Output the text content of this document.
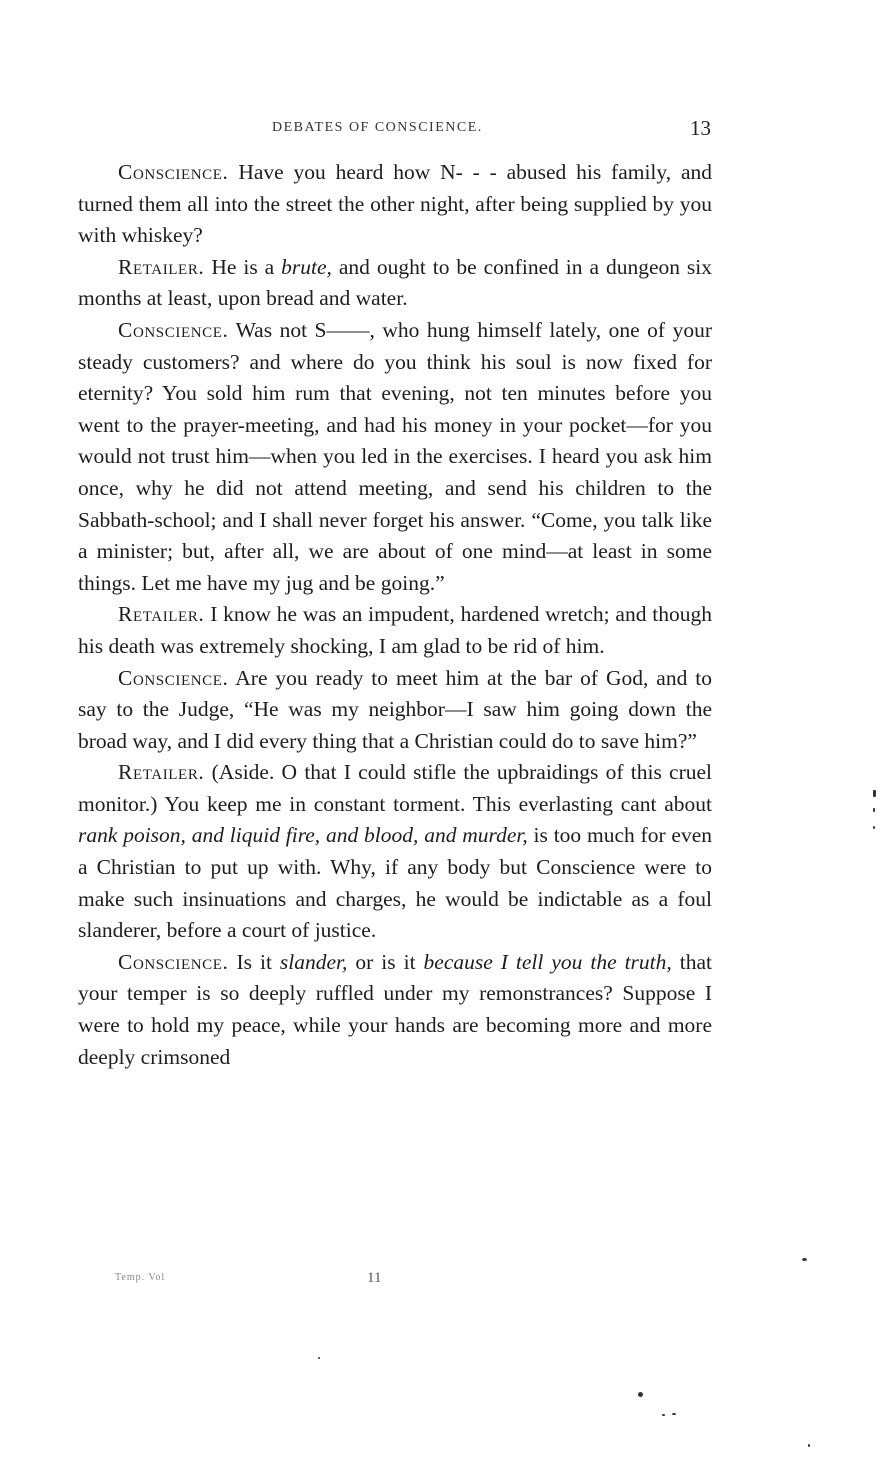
DEBATES OF CONSCIENCE.	13

Conscience. Have you heard how N- - - abused his family, and turned them all into the street the other night, after being supplied by you with whiskey?

Retailer. He is a brute, and ought to be confined in a dungeon six months at least, upon bread and water.

Conscience. Was not S——, who hung himself lately, one of your steady customers? and where do you think his soul is now fixed for eternity? You sold him rum that evening, not ten minutes before you went to the prayer-meeting, and had his money in your pocket—for you would not trust him—when you led in the exercises. I heard you ask him once, why he did not attend meeting, and send his children to the Sabbath-school; and I shall never forget his answer. “Come, you talk like a minister; but, after all, we are about of one mind—at least in some things. Let me have my jug and be going.”

Retailer. I know he was an impudent, hardened wretch; and though his death was extremely shocking, I am glad to be rid of him.

Conscience. Are you ready to meet him at the bar of God, and to say to the Judge, “He was my neighbor—I saw him going down the broad way, and I did every thing that a Christian could do to save him?”

Retailer. (Aside. O that I could stifle the upbraidings of this cruel monitor.) You keep me in constant torment. This everlasting cant about rank poison, and liquid fire, and blood, and murder, is too much for even a Christian to put up with. Why, if any body but Conscience were to make such insinuations and charges, he would be indictable as a foul slanderer, before a court of justice.

Conscience. Is it slander, or is it because I tell you the truth, that your temper is so deeply ruffled under my remonstrances? Suppose I were to hold my peace, while your hands are becoming more and more deeply crimsoned

Temp. Vol	11
